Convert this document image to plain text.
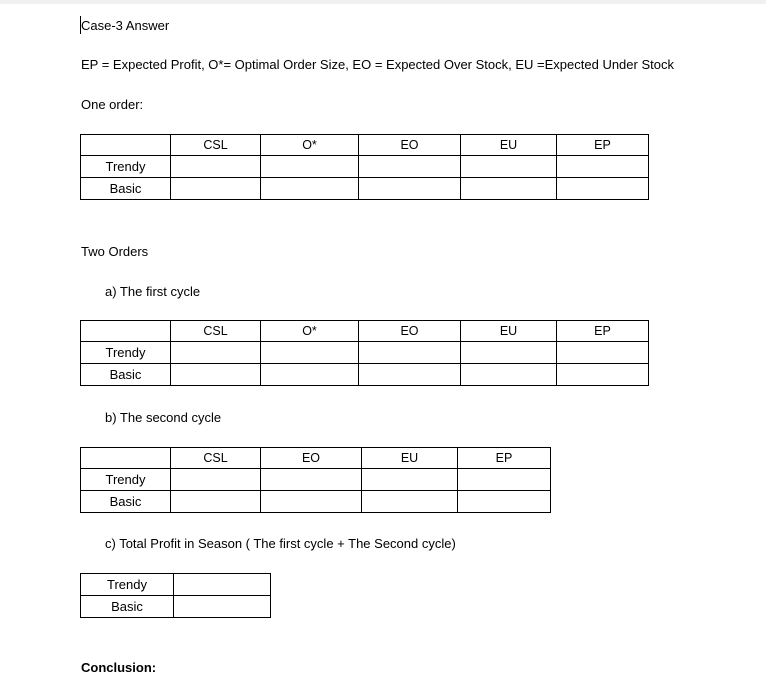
Case-3 Answer
EP = Expected Profit, O*= Optimal Order Size, EO = Expected Over Stock, EU =Expected Under Stock
One order:
	CSL	O*	EO	EU	EP
Trendy					
Basic					
Two Orders
a) The first cycle
	CSL	O*	EO	EU	EP
Trendy					
Basic					
b) The second cycle
	CSL	EO	EU	EP
Trendy				
Basic				
c) Total Profit in Season ( The first cycle + The Second cycle)
Trendy	
Basic	
Conclusion:
